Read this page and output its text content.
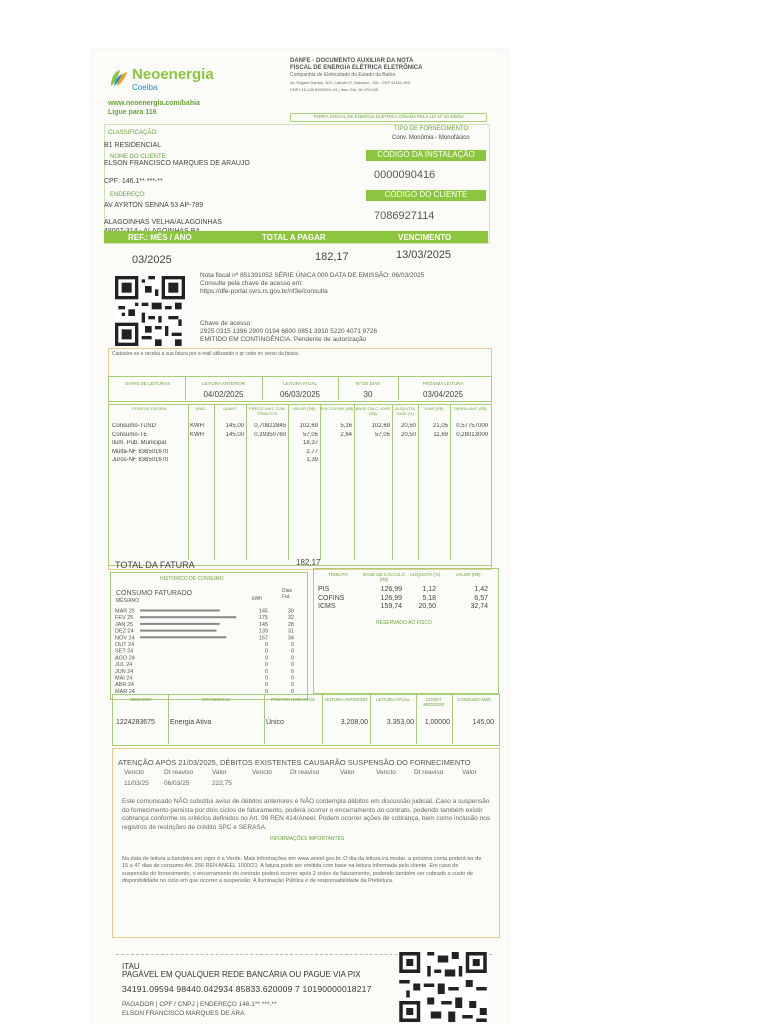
Neoenergia
Coelba
www.neoenergia.com/bahia
Ligue para 116
DANFE - DOCUMENTO AUXILIAR DA NOTA
FISCAL DE ENERGIA ELÉTRICA ELETRÔNICA
Companhia de Eletricidade do Estado da Bahia
Av. Edgard Santos, 300, Cabula VI, Salvador - BA - CEP 41181-900
CNPJ 15.139.629/0001-94 | Insc. Est. 00 475.045
TARIFA SOCIAL DE ENERGIA ELÉTRICA CRIADA PELA LEI Nº 10.438/02
CLASSIFICAÇÃO:
B1 RESIDENCIAL
TIPO DE FORNECIMENTO:
Conv. Monômia - Monofásico
NOME DO CLIENTE:
ELSON FRANCISCO MARQUES DE ARAUJO
CPF: 146.1** ***-**
ENDEREÇO:
AV AYRTON SENNA 53 AP-789
ALAGOINHAS VELHA/ALAGOINHAS
CÓDIGO DA INSTALAÇÃO
0000090416
CÓDIGO DO CLIENTE
7086927114
REF.: MÊS / ANO	TOTAL A PAGAR	VENCIMENTO
03/2025	182,17	13/03/2025
Nota fiscal nº 851391052 SÉRIE ÚNICA 000 DATA DE EMISSÃO: 06/03/2025
Consulte pela chave de acesso em:
https://dfe-portal.svrs.rs.gov.br/nf3e/consulta
Chave de acesso:
2925 0315 1396 2900 0194 6600 0851 3910 5220 4071 9726
EMITIDO EM CONTINGÊNCIA. Pendente de autorização
Cadastre-se e receba a sua fatura por e-mail utilizando o qr code no verso da fatura
DATAS DE LEITURAS	LEITURA ANTERIOR	LEITURA ATUAL	Nº DE DIAS	PRÓXIMA LEITURA
04/02/2025	06/03/2025	30	03/04/2025
ITENS DE FATURA	UNID.	QUANT.	PREÇO UNIT. COM TRIBUTOS
VALOR (R$)	PIS/ COFINS (R$) BASE CÁLC. ICMS (R$)
ALÍQUOTA ICMS (%)
ICMS (R$)	TARIFA UNIT. (R$)
Consumo-TUSD	KWH	145,00	0,70822845	102,69	5,16	102,69	20,50	21,05	0,57757000
Consumo-TE	KWH	145,00	0,39350760	57,05	2,84	57,05	20,50	11,69	0,28013000
Ilum. Pub. Municipal	18,37
Multa-NF 836501670	2,77
Juros-NF 836501670	1,39
TOTAL DA FATURA	182,17
HISTÓRICO DE CONSUMO
CONSUMO FATURADO
MÊS/ANO	kWh
Dias Fat.
MAR 25	145	30
FEV 25	175	32
JAN 25	145	28
DEZ 24	139	31
NOV 24	157	34
OUT 24	0	0
SET 24	0	0
AGO 24	0	0
JUL 24	0	0
JUN 24	0	0
MAI 24	0	0
ABR 24	0	0
MAR 24	0	0
TRIBUTO	BASE DE CÁLCULO (R$)
ALÍQUOTA (%)	VALOR (R$)
PIS	126,99	1,12	1,42
COFINS	126,99	5,18	6,57
ICMS	159,74	20,50	32,74
RESERVADO AO FISCO
MEDIDOR	GRANDEZAS	POSTOS HORÁRIOS	LEITURA ANTERIOR	LEITURA ATUAL	CONST. MEDIDOR
CONSUMO kWh
1224283675	Energia Ativa	Único	3.208,00	3.353,00	1,00000	145,00
ATENÇÃO APÓS 21/03/2025, DÉBITOS EXISTENTES CAUSARÃO SUSPENSÃO DO FORNECIMENTO
Vencto	Dt reaviso	Valor	Vencto	Dt reaviso	Valor	Vencto	Dt reaviso	Valor
11/03/25 06/03/25	222,75
Este comunicado NÃO substitui aviso de débitos anteriores e NÃO contempla débitos em discussão judicial. Caso a suspensão do fornecimento persista por dois ciclos de faturamento, poderá ocorrer o encerramento do contrato, podendo também existir cobrança conforme os critérios definidos no Art. 99 REN 414/Aneel. Podem ocorrer ações de cobrança, bem como inclusão nos registros de restrições de crédito SPC e SERASA.
INFORMAÇÕES IMPORTANTES
Na data de leitura a bandeira em vigor é a Verde. Mais informações em www.aneel.gov.br. O dia da leitura irá mudar, a próxima conta poderá ter de 15 a 47 dias de consumo Art. 266 REN ANEEL 1000/21. A fatura pode ser emitida com base na leitura informada pelo cliente. Em caso de suspensão do fornecimento, o encerramento do contrato poderá ocorrer após 2 ciclos de faturamento, podendo também ser cobrado o custo de disponibilidade no ciclo em que ocorrer a suspensão. A iluminação Pública é de responsabilidade da Prefeitura.
ITAU
PAGÁVEL EM QUALQUER REDE BANCÁRIA OU PAGUE VIA PIX
34191.09594 98440.042934 85833.620009 7 10190000018217
PAGADOR | CPF / CNPJ | ENDEREÇO 146.1** ***-**
ELSON FRANCISCO MARQUES DE ARA
